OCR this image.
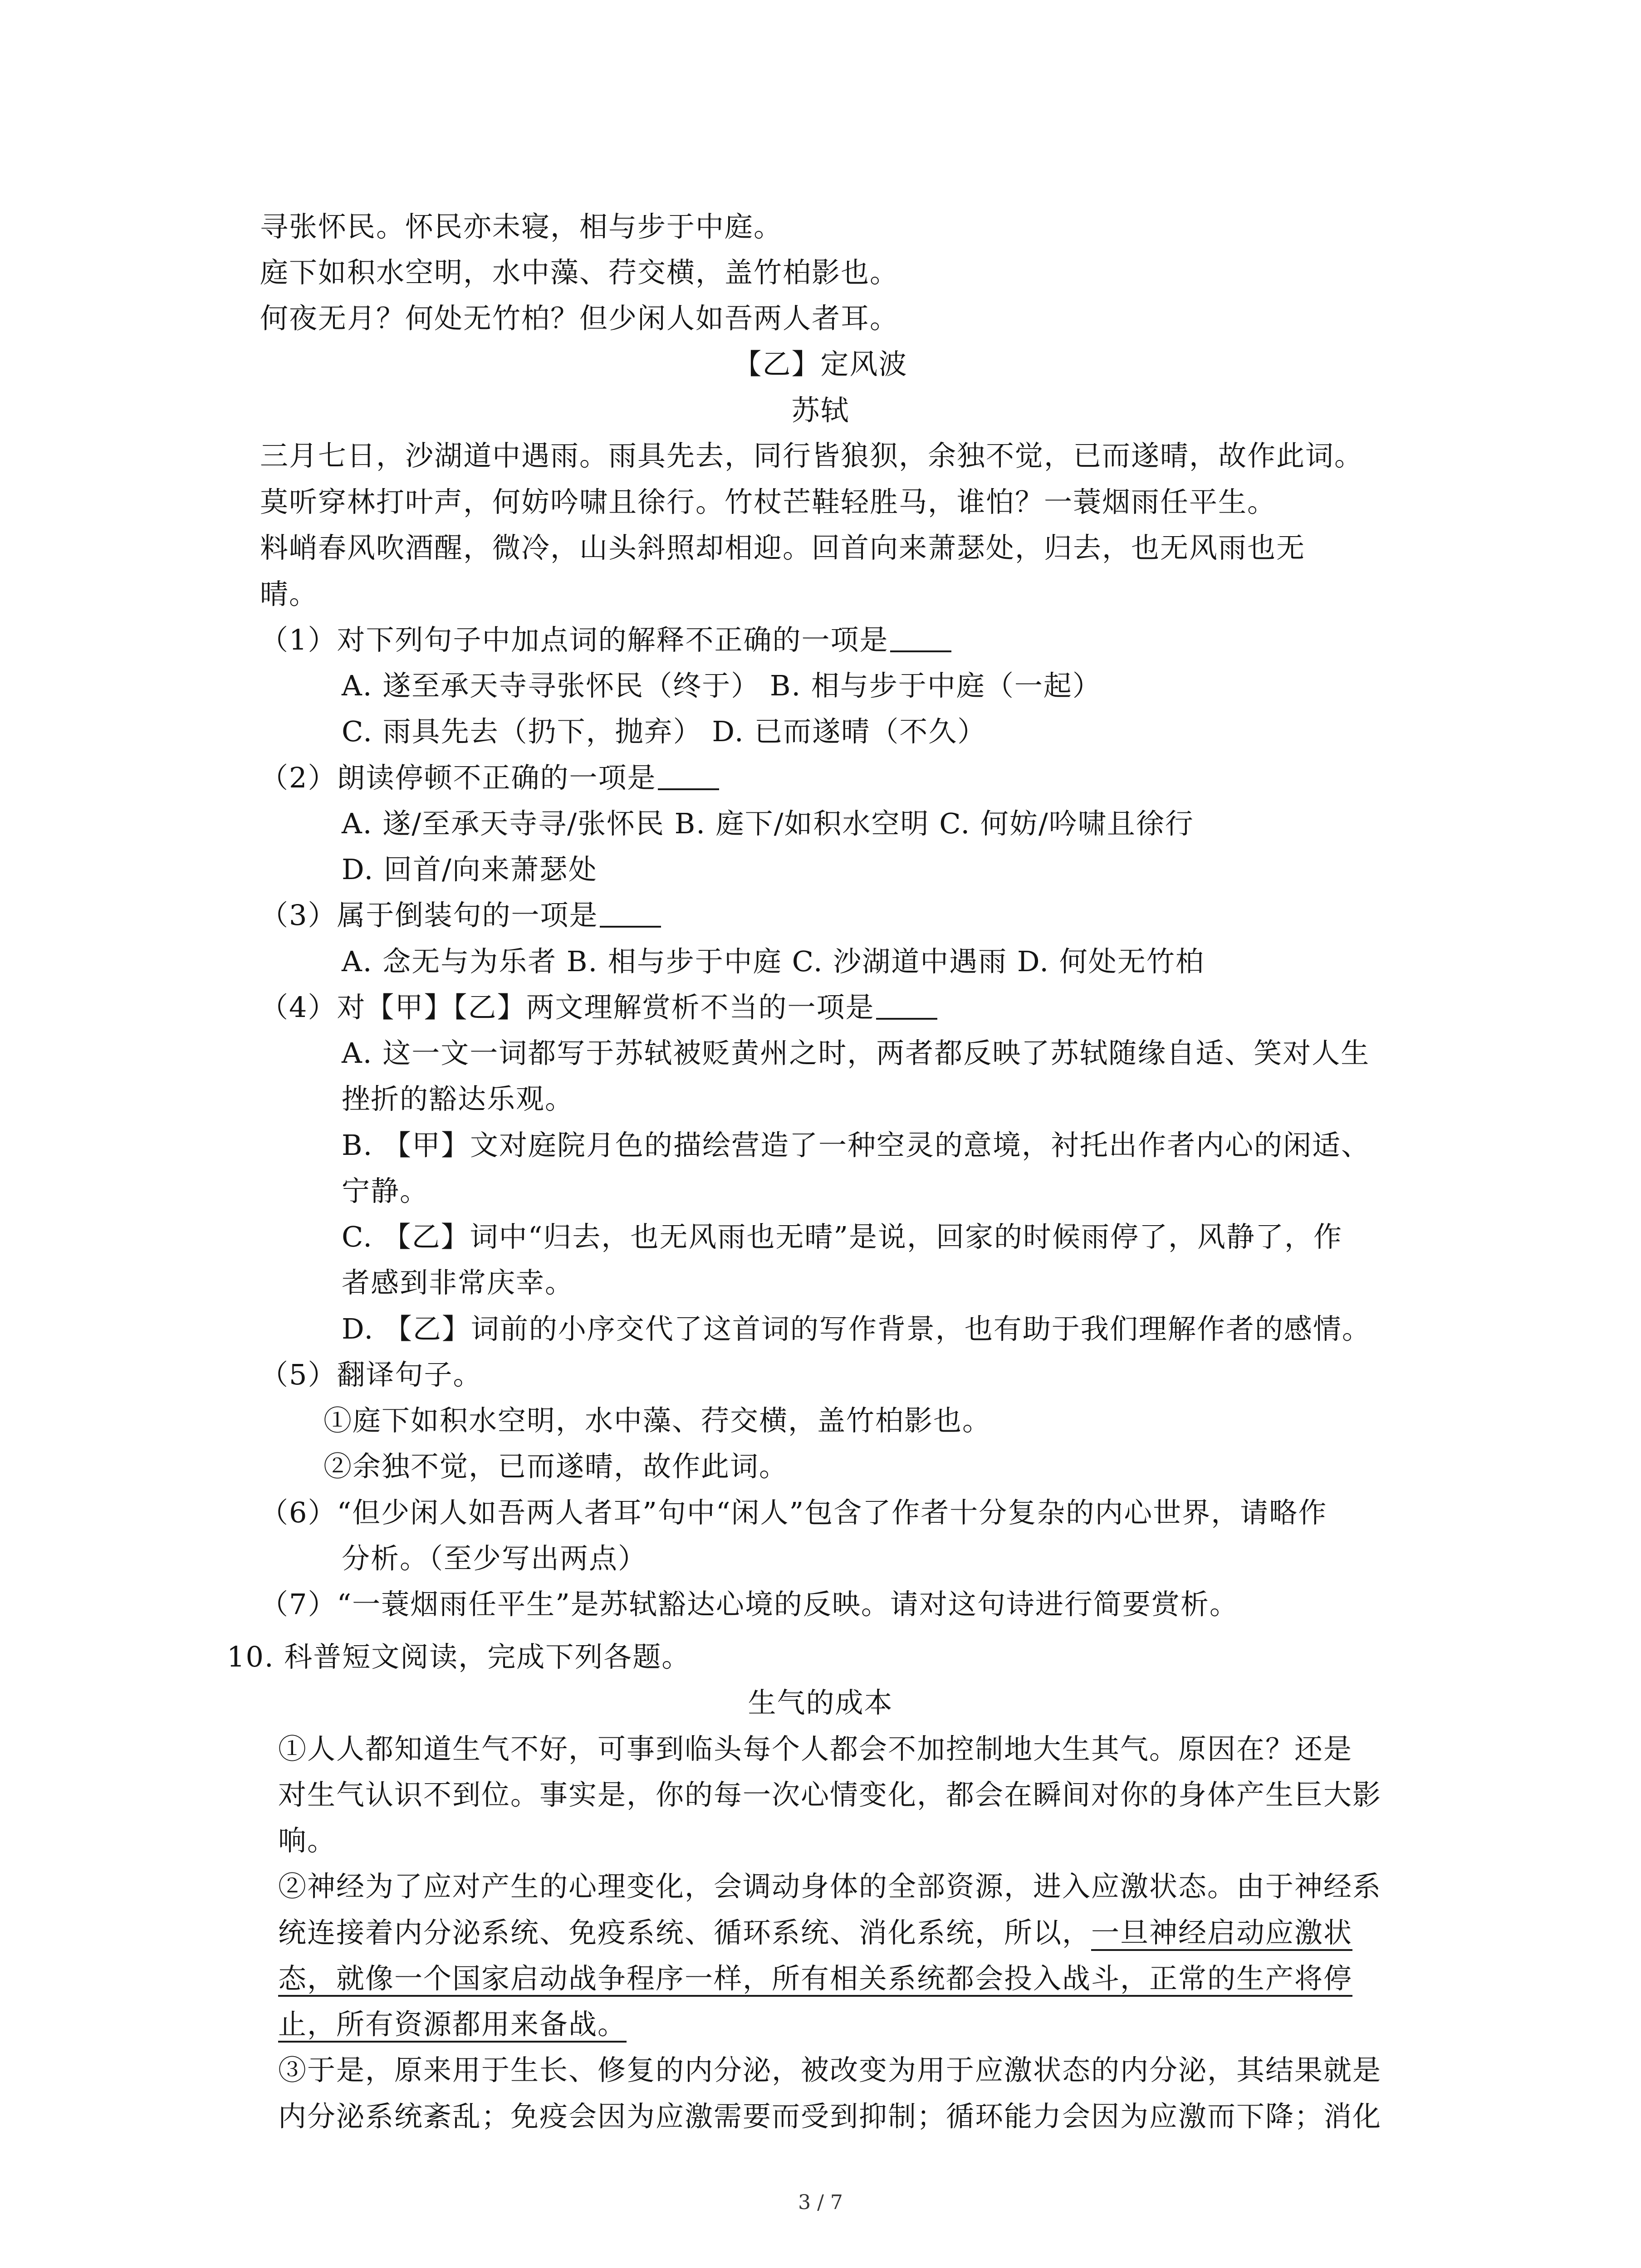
寻张怀民。怀民亦未寝，相与步于中庭。
庭下如积水空明，水中藻、荇交横，盖竹柏影也。
何夜无月？何处无竹柏？但少闲人如吾两人者耳。
【乙】定风波
苏轼
三月七日，沙湖道中遇雨。雨具先去，同行皆狼狈，余独不觉，已而遂晴，故作此词。
莫听穿林打叶声，何妨吟啸且徐行。竹杖芒鞋轻胜马，谁怕？一蓑烟雨任平生。
料峭春风吹酒醒，微冷，山头斜照却相迎。回首向来萧瑟处，归去，也无风雨也无
晴。
（1）对下列句子中加点词的解释不正确的一项是
A. 遂至承天寺寻张怀民（终于） B. 相与步于中庭（一起）
C. 雨具先去（扔下，抛弃） D. 已而遂晴（不久）
（2）朗读停顿不正确的一项是
A. 遂/至承天寺寻/张怀民 B. 庭下/如积水空明 C. 何妨/吟啸且徐行
D. 回首/向来萧瑟处
（3）属于倒装句的一项是
A. 念无与为乐者 B. 相与步于中庭 C. 沙湖道中遇雨 D. 何处无竹柏
（4）对【甲】【乙】两文理解赏析不当的一项是
A. 这一文一词都写于苏轼被贬黄州之时，两者都反映了苏轼随缘自适、笑对人生
挫折的豁达乐观。
B. 【甲】文对庭院月色的描绘营造了一种空灵的意境，衬托出作者内心的闲适、
宁静。
C. 【乙】词中“归去，也无风雨也无晴”是说，回家的时候雨停了，风静了，作
者感到非常庆幸。
D. 【乙】词前的小序交代了这首词的写作背景，也有助于我们理解作者的感情。
（5）翻译句子。
①庭下如积水空明，水中藻、荇交横，盖竹柏影也。
②余独不觉，已而遂晴，故作此词。
（6）“但少闲人如吾两人者耳”句中“闲人”包含了作者十分复杂的内心世界，请略作
分析。（至少写出两点）
（7）“一蓑烟雨任平生”是苏轼豁达心境的反映。请对这句诗进行简要赏析。
10. 科普短文阅读，完成下列各题。
生气的成本
①人人都知道生气不好，可事到临头每个人都会不加控制地大生其气。原因在？还是
对生气认识不到位。事实是，你的每一次心情变化，都会在瞬间对你的身体产生巨大影
响。
②神经为了应对产生的心理变化，会调动身体的全部资源，进入应激状态。由于神经系
统连接着内分泌系统、免疫系统、循环系统、消化系统，所以，一旦神经启动应激状
态，就像一个国家启动战争程序一样，所有相关系统都会投入战斗，正常的生产将停
止，所有资源都用来备战。
③于是，原来用于生长、修复的内分泌，被改变为用于应激状态的内分泌，其结果就是
内分泌系统紊乱；免疫会因为应激需要而受到抑制；循环能力会因为应激而下降；消化
3 / 7
